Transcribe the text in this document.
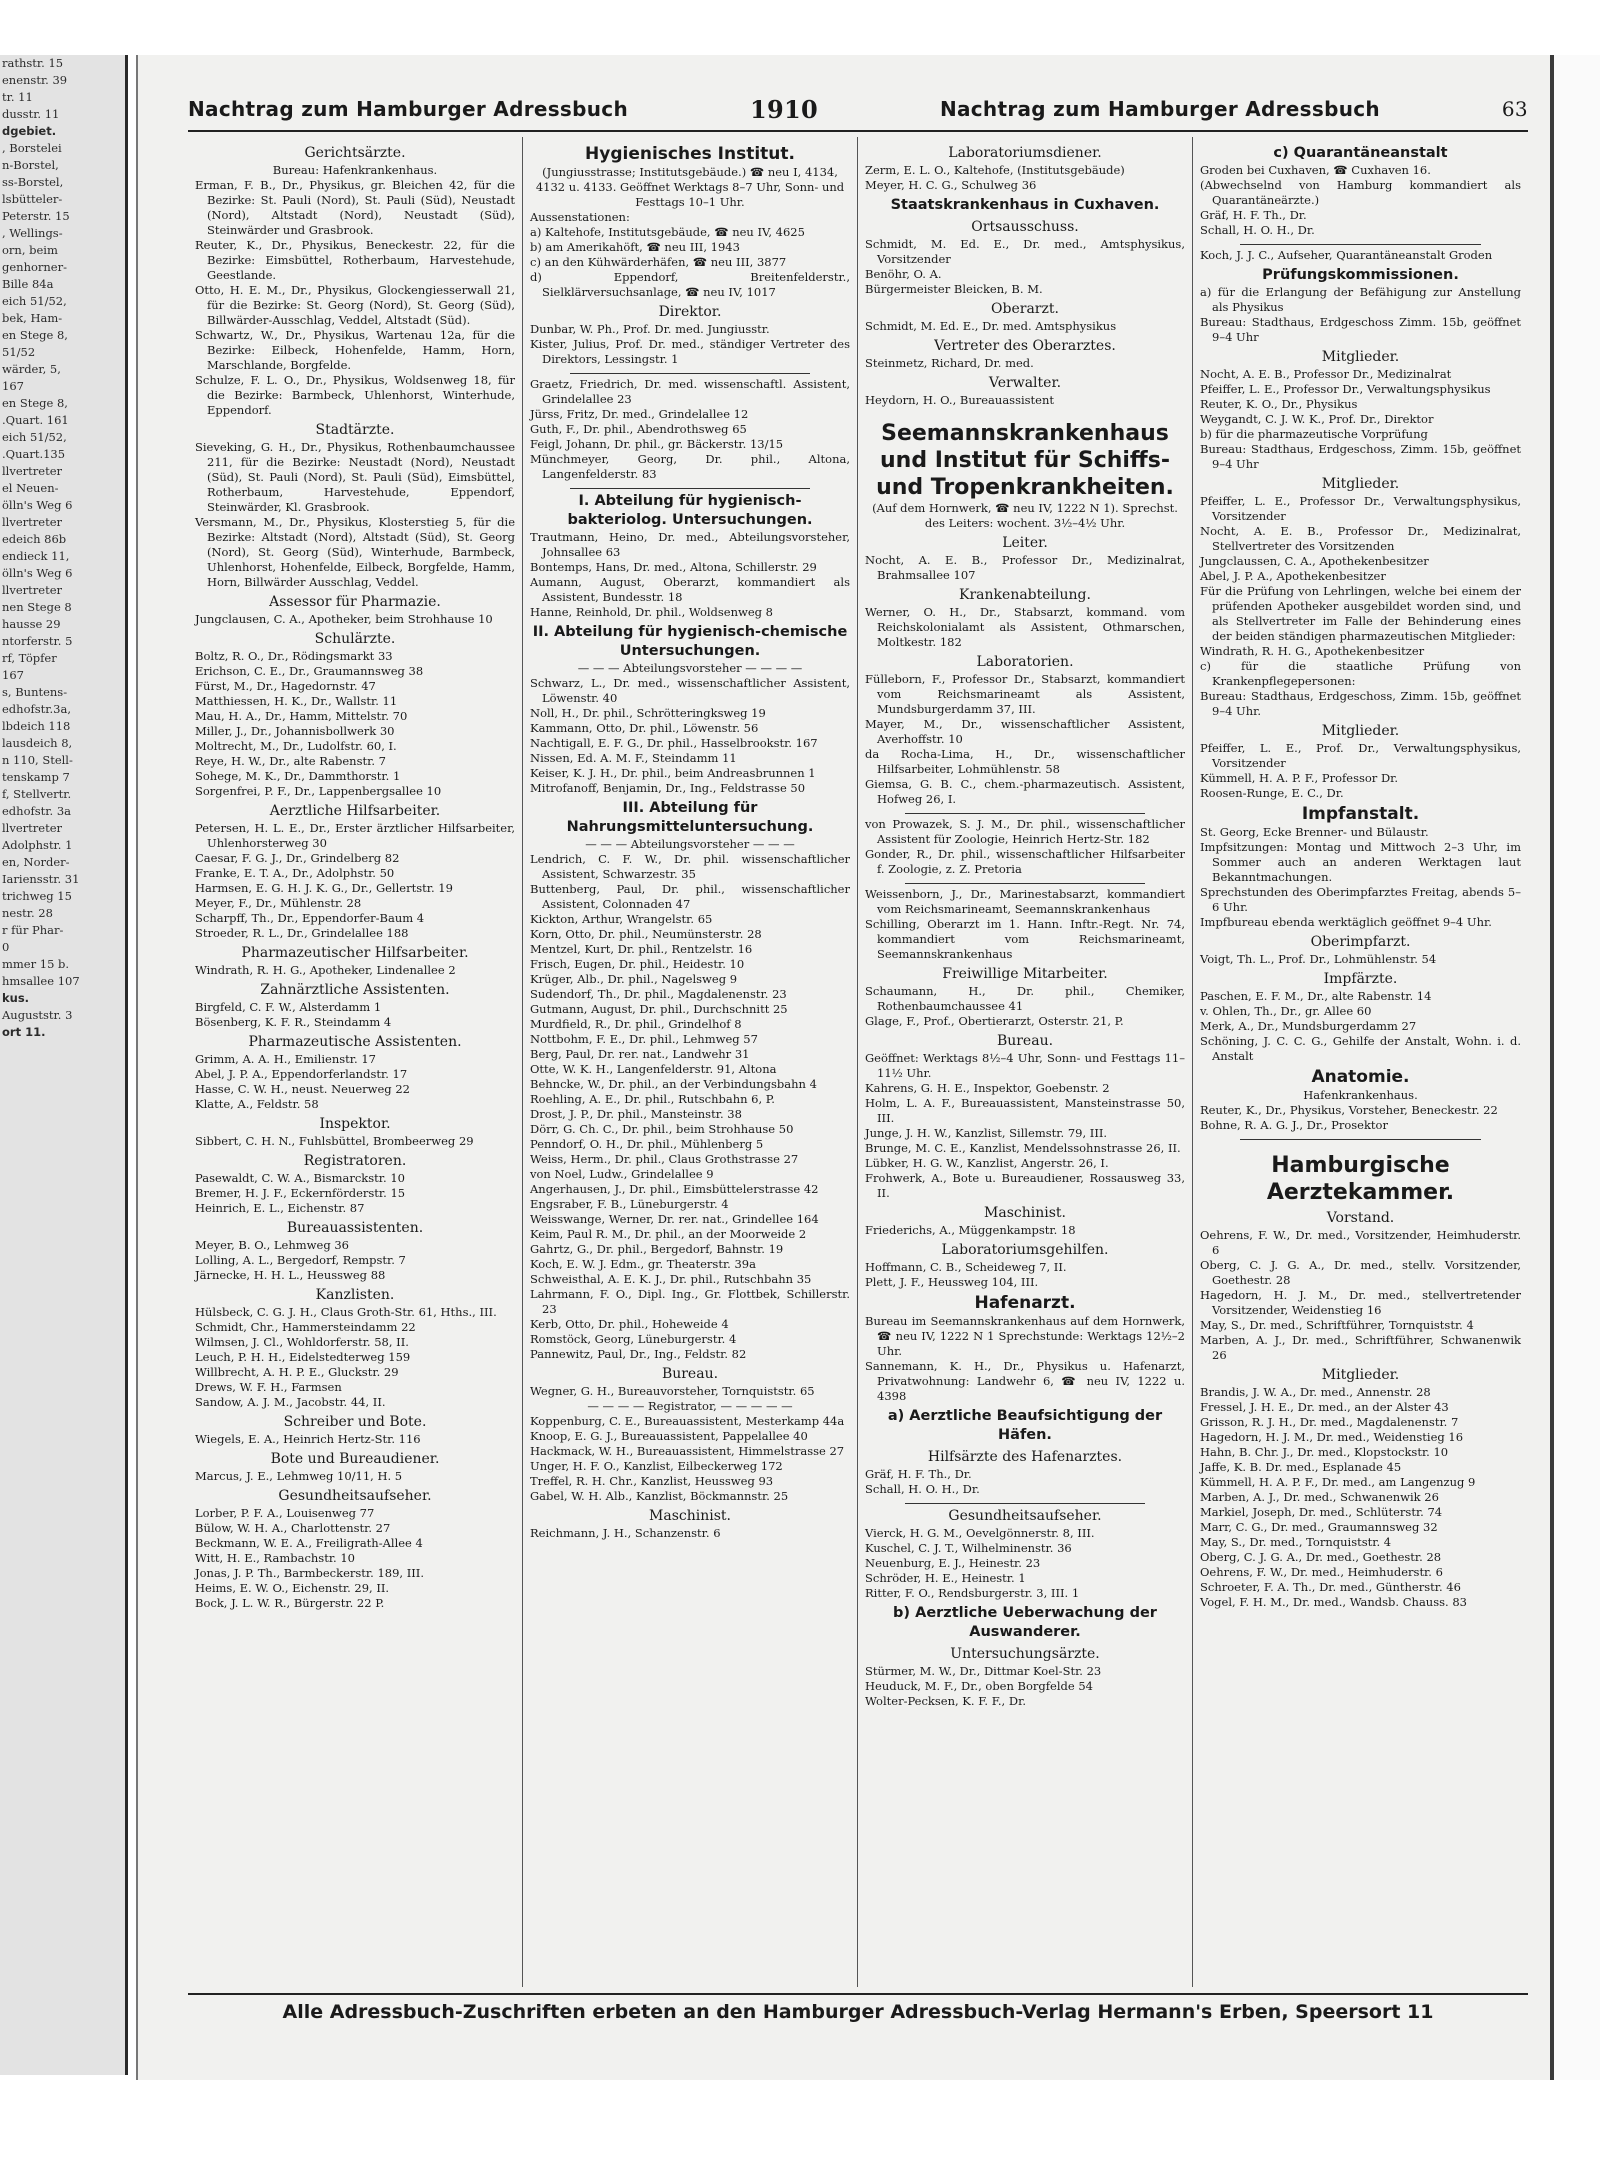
rathstr. 15
enenstr. 39
tr. 11
dusstr. 11
dgebiet.
, Borstelei
n-Borstel,
ss-Borstel,
lsbütteler-
Peterstr. 15
, Wellings-
orn, beim
genhorner-
Bille 84a
eich 51/52,
bek, Ham-
en Stege 8,
51/52
wärder, 5,
167
en Stege 8,
.Quart. 161
eich 51/52,
.Quart.135
llvertreter
el Neuen-
ölln's Weg 6
llvertreter
edeich 86b
endieck 11,
ölln's Weg 6
llvertreter
nen Stege 8
hausse 29
ntorferstr. 5
rf, Töpfer
167
s, Buntens-
edhofstr.3a,
lbdeich 118
lausdeich 8,
n 110, Stell-
tenskamp 7
f, Stellvertr.
edhofstr. 3a
llvertreter
Adolphstr. 1
en, Norder-
Iariensstr. 31
trichweg 15
nestr. 28
r für Phar-
0
mmer 15 b.
hmsallee 107
kus.
Auguststr. 3
ort 11.
Nachtrag zum Hamburger Adressbuch	1910	Nachtrag zum Hamburger Adressbuch	63
Gerichtsärzte.
Bureau: Hafenkrankenhaus.
Erman, F. B., Dr., Physikus, gr. Bleichen 42, für die Bezirke: St. Pauli (Nord), St. Pauli (Süd), Neustadt (Nord), Altstadt (Nord), Neustadt (Süd), Steinwärder und Grasbrook.
Reuter, K., Dr., Physikus, Beneckestr. 22, für die Bezirke: Eimsbüttel, Rotherbaum, Harvestehude, Geestlande.
Otto, H. E. M., Dr., Physikus, Glockengiesserwall 21, für die Bezirke: St. Georg (Nord), St. Georg (Süd), Billwärder-Ausschlag, Veddel, Altstadt (Süd).
Schwartz, W., Dr., Physikus, Wartenau 12a, für die Bezirke: Eilbeck, Hohenfelde, Hamm, Horn, Marschlande, Borgfelde.
Schulze, F. L. O., Dr., Physikus, Woldsenweg 18, für die Bezirke: Barmbeck, Uhlenhorst, Winterhude, Eppendorf.
Stadtärzte.
Sieveking, G. H., Dr., Physikus, Rothenbaumchaussee 211, für die Bezirke: Neustadt (Nord), Neustadt (Süd), St. Pauli (Nord), St. Pauli (Süd), Eimsbüttel, Rotherbaum, Harvestehude, Eppendorf, Steinwärder, Kl. Grasbrook.
Versmann, M., Dr., Physikus, Klosterstieg 5, für die Bezirke: Altstadt (Nord), Altstadt (Süd), St. Georg (Nord), St. Georg (Süd), Winterhude, Barmbeck, Uhlenhorst, Hohenfelde, Eilbeck, Borgfelde, Hamm, Horn, Billwärder Ausschlag, Veddel.
Assessor für Pharmazie.
Jungclausen, C. A., Apotheker, beim Strohhause 10
Schulärzte.
Boltz, R. O., Dr., Rödingsmarkt 33
Erichson, C. E., Dr., Graumannsweg 38
Fürst, M., Dr., Hagedornstr. 47
Matthiessen, H. K., Dr., Wallstr. 11
Mau, H. A., Dr., Hamm, Mittelstr. 70
Miller, J., Dr., Johannisbollwerk 30
Moltrecht, M., Dr., Ludolfstr. 60, I.
Reye, H. W., Dr., alte Rabenstr. 7
Sohege, M. K., Dr., Dammthorstr. 1
Sorgenfrei, P. F., Dr., Lappenbergsallee 10
Aerztliche Hilfsarbeiter.
Petersen, H. L. E., Dr., Erster ärztlicher Hilfsarbeiter, Uhlenhorsterweg 30
Caesar, F. G. J., Dr., Grindelberg 82
Franke, E. T. A., Dr., Adolphstr. 50
Harmsen, E. G. H. J. K. G., Dr., Gellertstr. 19
Meyer, F., Dr., Mühlenstr. 28
Scharpff, Th., Dr., Eppendorfer-Baum 4
Stroeder, R. L., Dr., Grindelallee 188
Pharmazeutischer Hilfsarbeiter.
Windrath, R. H. G., Apotheker, Lindenallee 2
Zahnärztliche Assistenten.
Birgfeld, C. F. W., Alsterdamm 1
Bösenberg, K. F. R., Steindamm 4
Pharmazeutische Assistenten.
Grimm, A. A. H., Emilienstr. 17
Abel, J. P. A., Eppendorferlandstr. 17
Hasse, C. W. H., neust. Neuerweg 22
Klatte, A., Feldstr. 58
Inspektor.
Sibbert, C. H. N., Fuhlsbüttel, Brombeerweg 29
Registratoren.
Pasewaldt, C. W. A., Bismarckstr. 10
Bremer, H. J. F., Eckernförderstr. 15
Heinrich, E. L., Eichenstr. 87
Bureauassistenten.
Meyer, B. O., Lehmweg 36
Lolling, A. L., Bergedorf, Rempstr. 7
Järnecke, H. H. L., Heussweg 88
Kanzlisten.
Hülsbeck, C. G. J. H., Claus Groth-Str. 61, Hths., III.
Schmidt, Chr., Hammersteindamm 22
Wilmsen, J. Cl., Wohldorferstr. 58, II.
Leuch, P. H. H., Eidelstedterweg 159
Willbrecht, A. H. P. E., Gluckstr. 29
Drews, W. F. H., Farmsen
Sandow, A. J. M., Jacobstr. 44, II.
Schreiber und Bote.
Wiegels, E. A., Heinrich Hertz-Str. 116
Bote und Bureaudiener.
Marcus, J. E., Lehmweg 10/11, H. 5
Gesundheitsaufseher.
Lorber, P. F. A., Louisenweg 77
Bülow, W. H. A., Charlottenstr. 27
Beckmann, W. E. A., Freiligrath-Allee 4
Witt, H. E., Rambachstr. 10
Jonas, J. P. Th., Barmbeckerstr. 189, III.
Heims, E. W. O., Eichenstr. 29, II.
Bock, J. L. W. R., Bürgerstr. 22 P.
Hygienisches Institut.
(Jungiusstrasse; Institutsgebäude.) ☎ neu I, 4134, 4132 u. 4133. Geöffnet Werktags 8–7 Uhr, Sonn- und Festtags 10–1 Uhr.
Aussenstationen:
a) Kaltehofe, Institutsgebäude, ☎ neu IV, 4625
b) am Amerikahöft, ☎ neu III, 1943
c) an den Kühwärderhäfen, ☎ neu III, 3877
d) Eppendorf, Breitenfelderstr., Sielklärversuchsanlage, ☎ neu IV, 1017
Direktor.
Dunbar, W. Ph., Prof. Dr. med. Jungiusstr.
Kister, Julius, Prof. Dr. med., ständiger Vertreter des Direktors, Lessingstr. 1
Graetz, Friedrich, Dr. med. wissenschaftl. Assistent, Grindelallee 23
Jürss, Fritz, Dr. med., Grindelallee 12
Guth, F., Dr. phil., Abendrothsweg 65
Feigl, Johann, Dr. phil., gr. Bäckerstr. 13/15
Münchmeyer, Georg, Dr. phil., Altona, Langenfelderstr. 83
I. Abteilung für hygienisch-bakteriolog. Untersuchungen.
Trautmann, Heino, Dr. med., Abteilungsvorsteher, Johnsallee 63
Bontemps, Hans, Dr. med., Altona, Schillerstr. 29
Aumann, August, Oberarzt, kommandiert als Assistent, Bundesstr. 18
Hanne, Reinhold, Dr. phil., Woldsenweg 8
II. Abteilung für hygienisch-chemische Untersuchungen.
— — — Abteilungsvorsteher — — — —
Schwarz, L., Dr. med., wissenschaftlicher Assistent, Löwenstr. 40
Noll, H., Dr. phil., Schrötteringksweg 19
Kammann, Otto, Dr. phil., Löwenstr. 56
Nachtigall, E. F. G., Dr. phil., Hasselbrookstr. 167
Nissen, Ed. A. M. F., Steindamm 11
Keiser, K. J. H., Dr. phil., beim Andreasbrunnen 1
Mitrofanoff, Benjamin, Dr., Ing., Feldstrasse 50
III. Abteilung für Nahrungsmitteluntersuchung.
— — — Abteilungsvorsteher — — —
Lendrich, C. F. W., Dr. phil. wissenschaftlicher Assistent, Schwarzestr. 35
Buttenberg, Paul, Dr. phil., wissenschaftlicher Assistent, Colonnaden 47
Kickton, Arthur, Wrangelstr. 65
Korn, Otto, Dr. phil., Neumünsterstr. 28
Mentzel, Kurt, Dr. phil., Rentzelstr. 16
Frisch, Eugen, Dr. phil., Heidestr. 10
Krüger, Alb., Dr. phil., Nagelsweg 9
Sudendorf, Th., Dr. phil., Magdalenenstr. 23
Gutmann, August, Dr. phil., Durchschnitt 25
Murdfield, R., Dr. phil., Grindelhof 8
Nottbohm, F. E., Dr. phil., Lehmweg 57
Berg, Paul, Dr. rer. nat., Landwehr 31
Otte, W. K. H., Langenfelderstr. 91, Altona
Behncke, W., Dr. phil., an der Verbindungsbahn 4
Roehling, A. E., Dr. phil., Rutschbahn 6, P.
Drost, J. P., Dr. phil., Mansteinstr. 38
Dörr, G. Ch. C., Dr. phil., beim Strohhause 50
Penndorf, O. H., Dr. phil., Mühlenberg 5
Weiss, Herm., Dr. phil., Claus Grothstrasse 27
von Noel, Ludw., Grindelallee 9
Angerhausen, J., Dr. phil., Eimsbüttelerstrasse 42
Engsraber, F. B., Lüneburgerstr. 4
Weisswange, Werner, Dr. rer. nat., Grindellee 164
Keim, Paul R. M., Dr. phil., an der Moorweide 2
Gahrtz, G., Dr. phil., Bergedorf, Bahnstr. 19
Koch, E. W. J. Edm., gr. Theaterstr. 39a
Schweisthal, A. E. K. J., Dr. phil., Rutschbahn 35
Lahrmann, F. O., Dipl. Ing., Gr. Flottbek, Schillerstr. 23
Kerb, Otto, Dr. phil., Hoheweide 4
Romstöck, Georg, Lüneburgerstr. 4
Pannewitz, Paul, Dr., Ing., Feldstr. 82
Bureau.
Wegner, G. H., Bureauvorsteher, Tornquiststr. 65
— — — — Registrator, — — — — —
Koppenburg, C. E., Bureauassistent, Mesterkamp 44a
Knoop, E. G. J., Bureauassistent, Pappelallee 40
Hackmack, W. H., Bureauassistent, Himmelstrasse 27
Unger, H. F. O., Kanzlist, Eilbeckerweg 172
Treffel, R. H. Chr., Kanzlist, Heussweg 93
Gabel, W. H. Alb., Kanzlist, Böckmannstr. 25
Maschinist.
Reichmann, J. H., Schanzenstr. 6
Laboratoriumsdiener.
Zerm, E. L. O., Kaltehofe, (Institutsgebäude)
Meyer, H. C. G., Schulweg 36
Staatskrankenhaus in Cuxhaven.
Ortsausschuss.
Schmidt, M. Ed. E., Dr. med., Amtsphysikus, Vorsitzender
Benöhr, O. A.
Bürgermeister Bleicken, B. M.
Oberarzt.
Schmidt, M. Ed. E., Dr. med. Amtsphysikus
Vertreter des Oberarztes.
Steinmetz, Richard, Dr. med.
Verwalter.
Heydorn, H. O., Bureauassistent
Seemannskrankenhaus und Institut für Schiffs- und Tropenkrankheiten.
(Auf dem Hornwerk, ☎ neu IV, 1222 N 1). Sprechst. des Leiters: wochent. 3½–4½ Uhr.
Leiter.
Nocht, A. E. B., Professor Dr., Medizinalrat, Brahmsallee 107
Krankenabteilung.
Werner, O. H., Dr., Stabsarzt, kommand. vom Reichskolonialamt als Assistent, Othmarschen, Moltkestr. 182
Laboratorien.
Fülleborn, F., Professor Dr., Stabsarzt, kommandiert vom Reichsmarineamt als Assistent, Mundsburgerdamm 37, III.
Mayer, M., Dr., wissenschaftlicher Assistent, Averhoffstr. 10
da Rocha-Lima, H., Dr., wissenschaftlicher Hilfsarbeiter, Lohmühlenstr. 58
Giemsa, G. B. C., chem.-pharmazeutisch. Assistent, Hofweg 26, I.
von Prowazek, S. J. M., Dr. phil., wissenschaftlicher Assistent für Zoologie, Heinrich Hertz-Str. 182
Gonder, R., Dr. phil., wissenschaftlicher Hilfsarbeiter f. Zoologie, z. Z. Pretoria
Weissenborn, J., Dr., Marinestabsarzt, kommandiert vom Reichsmarineamt, Seemannskrankenhaus
Schilling, Oberarzt im 1. Hann. Inftr.-Regt. Nr. 74, kommandiert vom Reichsmarineamt, Seemannskrankenhaus
Freiwillige Mitarbeiter.
Schaumann, H., Dr. phil., Chemiker, Rothenbaumchaussee 41
Glage, F., Prof., Obertierarzt, Osterstr. 21, P.
Bureau.
Geöffnet: Werktags 8½–4 Uhr, Sonn- und Festtags 11–11½ Uhr.
Kahrens, G. H. E., Inspektor, Goebenstr. 2
Holm, L. A. F., Bureauassistent, Mansteinstrasse 50, III.
Junge, J. H. W., Kanzlist, Sillemstr. 79, III.
Brunge, M. C. E., Kanzlist, Mendelssohnstrasse 26, II.
Lübker, H. G. W., Kanzlist, Angerstr. 26, I.
Frohwerk, A., Bote u. Bureaudiener, Rossausweg 33, II.
Maschinist.
Friederichs, A., Müggenkampstr. 18
Laboratoriumsgehilfen.
Hoffmann, C. B., Scheideweg 7, II.
Plett, J. F., Heussweg 104, III.
Hafenarzt.
Bureau im Seemannskrankenhaus auf dem Hornwerk, ☎ neu IV, 1222 N 1 Sprechstunde: Werktags 12½–2 Uhr.
Sannemann, K. H., Dr., Physikus u. Hafenarzt, Privatwohnung: Landwehr 6, ☎ neu IV, 1222 u. 4398
a) Aerztliche Beaufsichtigung der Häfen.
Hilfsärzte des Hafenarztes.
Gräf, H. F. Th., Dr.
Schall, H. O. H., Dr.
Gesundheitsaufseher.
Vierck, H. G. M., Oevelgönnerstr. 8, III.
Kuschel, C. J. T., Wilhelminenstr. 36
Neuenburg, E. J., Heinestr. 23
Schröder, H. E., Heinestr. 1
Ritter, F. O., Rendsburgerstr. 3, III. 1
b) Aerztliche Ueberwachung der Auswanderer.
Untersuchungsärzte.
Stürmer, M. W., Dr., Dittmar Koel-Str. 23
Heuduck, M. F., Dr., oben Borgfelde 54
Wolter-Pecksen, K. F. F., Dr.
c) Quarantäneanstalt
Groden bei Cuxhaven, ☎ Cuxhaven 16.
(Abwechselnd von Hamburg kommandiert als Quarantäneärzte.)
Gräf, H. F. Th., Dr.
Schall, H. O. H., Dr.
Koch, J. J. C., Aufseher, Quarantäneanstalt Groden
Prüfungskommissionen.
a) für die Erlangung der Befähigung zur Anstellung als Physikus
Bureau: Stadthaus, Erdgeschoss Zimm. 15b, geöffnet 9–4 Uhr
Mitglieder.
Nocht, A. E. B., Professor Dr., Medizinalrat
Pfeiffer, L. E., Professor Dr., Verwaltungsphysikus
Reuter, K. O., Dr., Physikus
Weygandt, C. J. W. K., Prof. Dr., Direktor
b) für die pharmazeutische Vorprüfung
Bureau: Stadthaus, Erdgeschoss, Zimm. 15b, geöffnet 9–4 Uhr
Mitglieder.
Pfeiffer, L. E., Professor Dr., Verwaltungsphysikus, Vorsitzender
Nocht, A. E. B., Professor Dr., Medizinalrat, Stellvertreter des Vorsitzenden
Jungclaussen, C. A., Apothekenbesitzer
Abel, J. P. A., Apothekenbesitzer
Für die Prüfung von Lehrlingen, welche bei einem der prüfenden Apotheker ausgebildet worden sind, und als Stellvertreter im Falle der Behinderung eines der beiden ständigen pharmazeutischen Mitglieder:
Windrath, R. H. G., Apothekenbesitzer
c) für die staatliche Prüfung von Krankenpflegepersonen:
Bureau: Stadthaus, Erdgeschoss, Zimm. 15b, geöffnet 9–4 Uhr.
Mitglieder.
Pfeiffer, L. E., Prof. Dr., Verwaltungsphysikus, Vorsitzender
Kümmell, H. A. P. F., Professor Dr.
Roosen-Runge, E. C., Dr.
Impfanstalt.
St. Georg, Ecke Brenner- und Bülaustr.
Impfsitzungen: Montag und Mittwoch 2–3 Uhr, im Sommer auch an anderen Werktagen laut Bekanntmachungen.
Sprechstunden des Oberimpfarztes Freitag, abends 5–6 Uhr.
Impfbureau ebenda werktäglich geöffnet 9–4 Uhr.
Oberimpfarzt.
Voigt, Th. L., Prof. Dr., Lohmühlenstr. 54
Impfärzte.
Paschen, E. F. M., Dr., alte Rabenstr. 14
v. Ohlen, Th., Dr., gr. Allee 60
Merk, A., Dr., Mundsburgerdamm 27
Schöning, J. C. C. G., Gehilfe der Anstalt, Wohn. i. d. Anstalt
Anatomie.
Hafenkrankenhaus.
Reuter, K., Dr., Physikus, Vorsteher, Beneckestr. 22
Bohne, R. A. G. J., Dr., Prosektor
Hamburgische Aerztekammer.
Vorstand.
Oehrens, F. W., Dr. med., Vorsitzender, Heimhuderstr. 6
Oberg, C. J. G. A., Dr. med., stellv. Vorsitzender, Goethestr. 28
Hagedorn, H. J. M., Dr. med., stellvertretender Vorsitzender, Weidenstieg 16
May, S., Dr. med., Schriftführer, Tornquiststr. 4
Marben, A. J., Dr. med., Schriftführer, Schwanenwik 26
Mitglieder.
Brandis, J. W. A., Dr. med., Annenstr. 28
Fressel, J. H. E., Dr. med., an der Alster 43
Grisson, R. J. H., Dr. med., Magdalenenstr. 7
Hagedorn, H. J. M., Dr. med., Weidenstieg 16
Hahn, B. Chr. J., Dr. med., Klopstockstr. 10
Jaffe, K. B. Dr. med., Esplanade 45
Kümmell, H. A. P. F., Dr. med., am Langenzug 9
Marben, A. J., Dr. med., Schwanenwik 26
Markiel, Joseph, Dr. med., Schlüterstr. 74
Marr, C. G., Dr. med., Graumannsweg 32
May, S., Dr. med., Tornquiststr. 4
Oberg, C. J. G. A., Dr. med., Goethestr. 28
Oehrens, F. W., Dr. med., Heimhuderstr. 6
Schroeter, F. A. Th., Dr. med., Güntherstr. 46
Vogel, F. H. M., Dr. med., Wandsb. Chauss. 83
Alle Adressbuch-Zuschriften erbeten an den Hamburger Adressbuch-Verlag Hermann's Erben, Speersort 11
